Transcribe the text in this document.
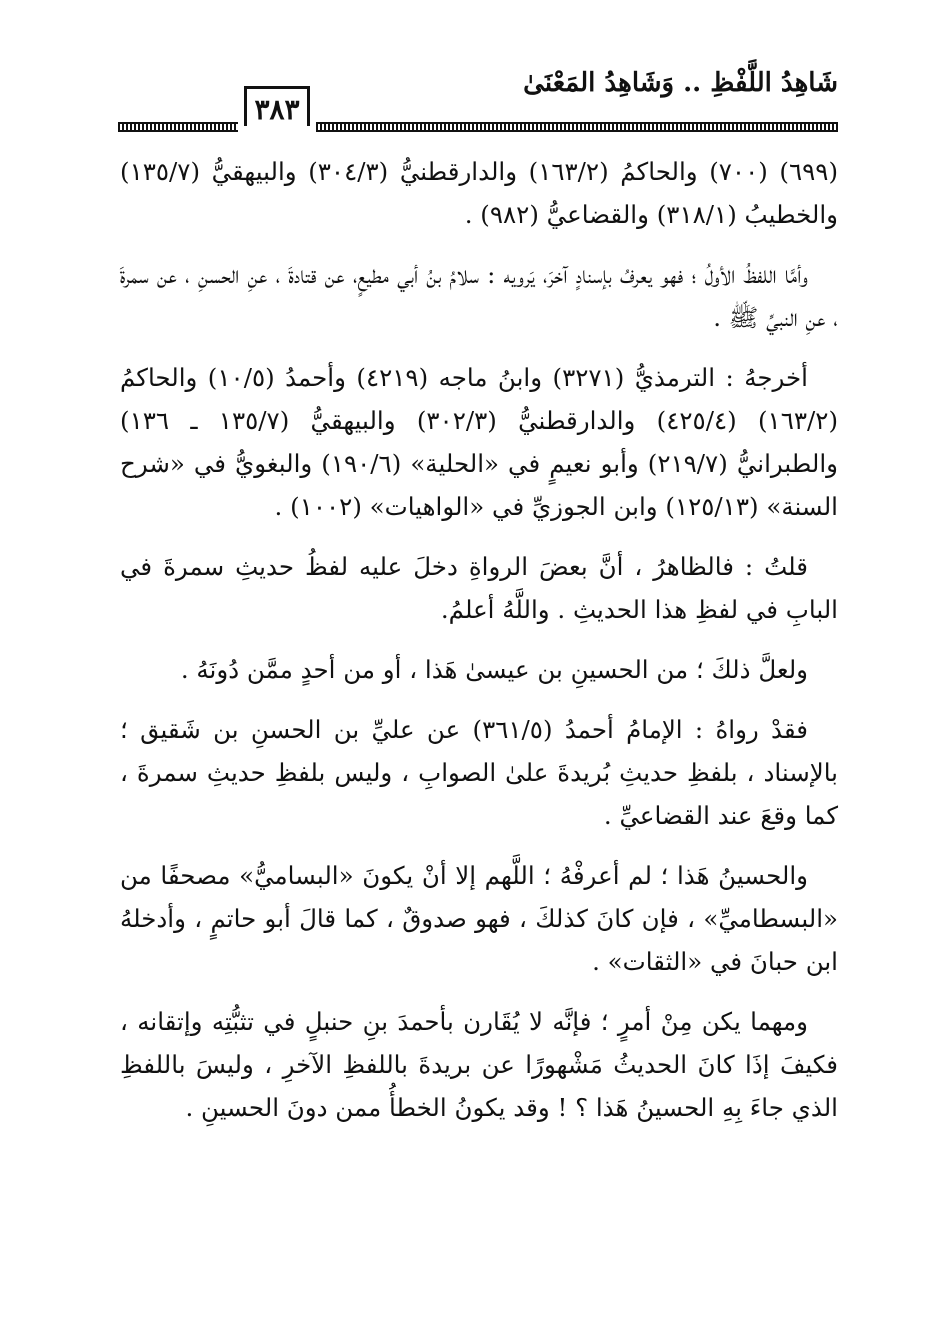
شَاهِدُ اللَّفْظِ .. وَشَاهِدُ المَعْنَىٰ
٣٨٣

(٦٩٩) (٧٠٠) والحاكمُ (١٦٣/٢) والدارقطنيُّ (٣٠٤/٣) والبيهقيُّ (١٣٥/٧) والخطيبُ (٣١٨/١) والقضاعيُّ (٩٨٢) .

وأمَّا اللفظُ الأولُ ؛ فهو يعرفُ بإسنادٍ آخرَ، يَرويه : سلامُ بنُ أبي مطيعٍ، عن قتادةَ ، عنِ الحسنِ ، عن سمرةَ ، عنِ النبيِّ ﷺ .

أخرجهُ : الترمذيُّ (٣٢٧١) وابنُ ماجه (٤٢١٩) وأحمدُ (١٠/٥) والحاكمُ (١٦٣/٢) (٤٢٥/٤) والدارقطنيُّ (٣٠٢/٣) والبيهقيُّ (١٣٥/٧ ـ ١٣٦) والطبرانيُّ (٢١٩/٧) وأبو نعيمٍ في «الحلية» (١٩٠/٦) والبغويُّ في «شرح السنة» (١٢٥/١٣) وابن الجوزيِّ في «الواهيات» (١٠٠٢) .

قلتُ : فالظاهرُ ، أنَّ بعضَ الرواةِ دخلَ عليه لفظُ حديثِ سمرةَ في البابِ في لفظِ هذا الحديثِ . واللَّهُ أعلمُ.

ولعلَّ ذلكَ ؛ من الحسينِ بن عيسىٰ هَذا ، أو من أحدٍ ممَّن دُونَهُ .

فقدْ رواهُ : الإمامُ أحمدُ (٣٦١/٥) عن عليِّ بن الحسنِ بن شَقيق ؛ بالإسناد ، بلفظِ حديثِ بُريدةَ علىٰ الصوابِ ، وليس بلفظِ حديثِ سمرةَ ، كما وقعَ عند القضاعيِّ .

والحسينُ هَذا ؛ لم أعرفْهُ ؛ اللَّهم إلا أنْ يكونَ «البساميُّ» مصحفًا من «البسطاميِّ» ، فإن كانَ كذلكَ ، فهو صدوقٌ ، كما قالَ أبو حاتمٍ ، وأدخلهُ ابن حبانَ في «الثقات» .

ومهما يكن مِنْ أمرٍ ؛ فإنَّه لا يُقَارن بأحمدَ بنِ حنبلٍ في تثبُّتِه وإتقانه ، فكيفَ إذَا كانَ الحديثُ مَشْهورًا عن بريدةَ باللفظِ الآخرِ ، وليسَ باللفظِ الذي جاءَ بِهِ الحسينُ هَذا ؟ ! وقد يكونُ الخطأُ ممن دونَ الحسينِ .
